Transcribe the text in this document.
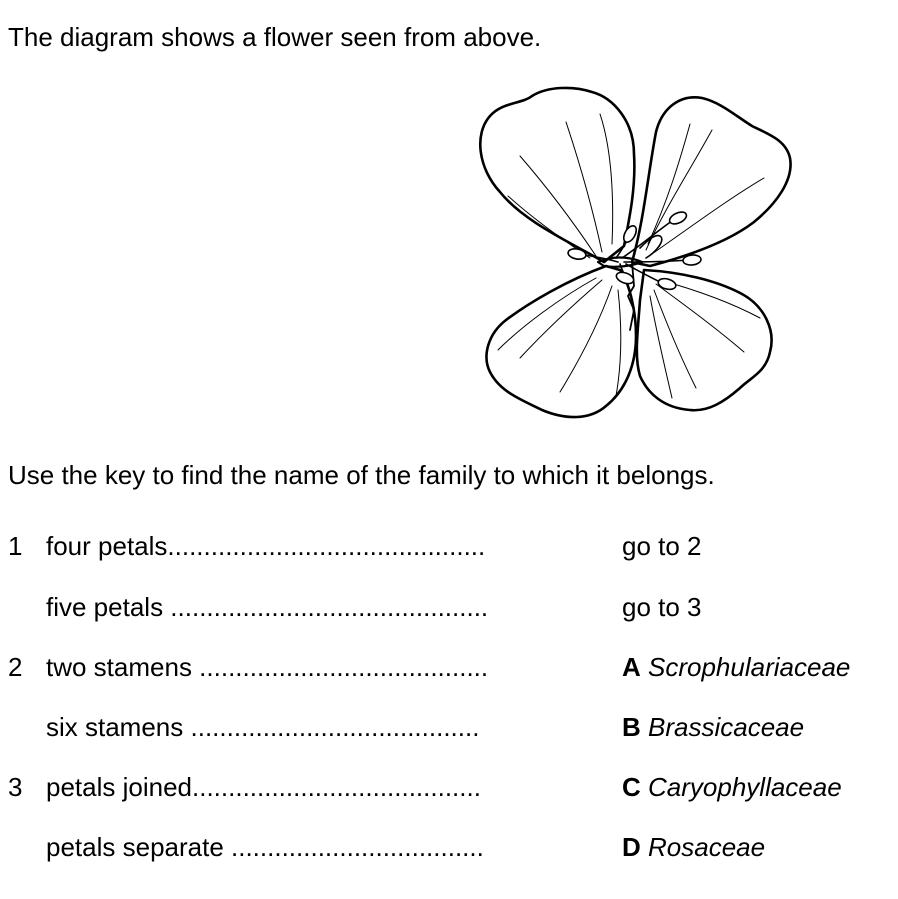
The diagram shows a flower seen from above.
Use the key to find the name of the family to which it belongs.
1 four petals............................................	go to 2
five petals ............................................	go to 3
2 two stamens ........................................	A Scrophulariaceae
six stamens ........................................	B Brassicaceae
3 petals joined........................................	C Caryophyllaceae
petals separate ...................................	D Rosaceae
